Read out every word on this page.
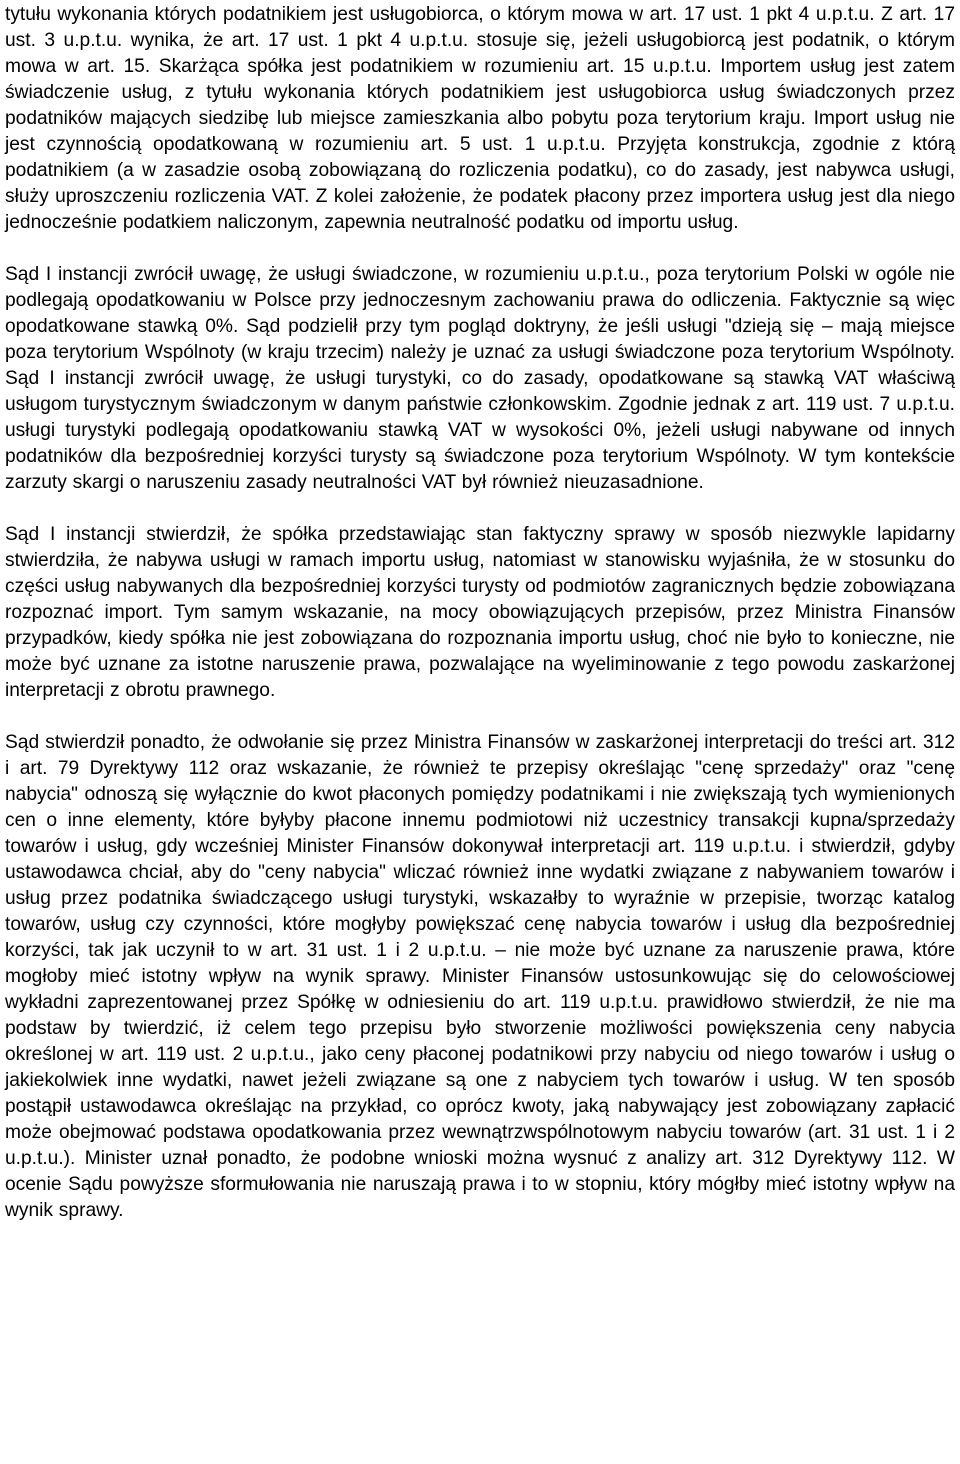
tytułu wykonania których podatnikiem jest usługobiorca, o którym mowa w art. 17 ust. 1 pkt 4 u.p.t.u. Z art. 17 ust. 3 u.p.t.u. wynika, że art. 17 ust. 1 pkt 4 u.p.t.u. stosuje się, jeżeli usługobiorcą jest podatnik, o którym mowa w art. 15. Skarżąca spółka jest podatnikiem w rozumieniu art. 15 u.p.t.u. Importem usług jest zatem świadczenie usług, z tytułu wykonania których podatnikiem jest usługobiorca usług świadczonych przez podatników mających siedzibę lub miejsce zamieszkania albo pobytu poza terytorium kraju. Import usług nie jest czynnością opodatkowaną w rozumieniu art. 5 ust. 1 u.p.t.u. Przyjęta konstrukcja, zgodnie z którą podatnikiem (a w zasadzie osobą zobowiązaną do rozliczenia podatku), co do zasady, jest nabywca usługi, służy uproszczeniu rozliczenia VAT. Z kolei założenie, że podatek płacony przez importera usług jest dla niego jednocześnie podatkiem naliczonym, zapewnia neutralność podatku od importu usług.

Sąd I instancji zwrócił uwagę, że usługi świadczone, w rozumieniu u.p.t.u., poza terytorium Polski w ogóle nie podlegają opodatkowaniu w Polsce przy jednoczesnym zachowaniu prawa do odliczenia. Faktycznie są więc opodatkowane stawką 0%. Sąd podzielił przy tym pogląd doktryny, że jeśli usługi "dzieją się – mają miejsce poza terytorium Wspólnoty (w kraju trzecim) należy je uznać za usługi świadczone poza terytorium Wspólnoty. Sąd I instancji zwrócił uwagę, że usługi turystyki, co do zasady, opodatkowane są stawką VAT właściwą usługom turystycznym świadczonym w danym państwie członkowskim. Zgodnie jednak z art. 119 ust. 7 u.p.t.u. usługi turystyki podlegają opodatkowaniu stawką VAT w wysokości 0%, jeżeli usługi nabywane od innych podatników dla bezpośredniej korzyści turysty są świadczone poza terytorium Wspólnoty. W tym kontekście zarzuty skargi o naruszeniu zasady neutralności VAT był również nieuzasadnione.

Sąd I instancji stwierdził, że spółka przedstawiając stan faktyczny sprawy w sposób niezwykle lapidarny stwierdziła, że nabywa usługi w ramach importu usług, natomiast w stanowisku wyjaśniła, że w stosunku do części usług nabywanych dla bezpośredniej korzyści turysty od podmiotów zagranicznych będzie zobowiązana rozpoznać import. Tym samym wskazanie, na mocy obowiązujących przepisów, przez Ministra Finansów przypadków, kiedy spółka nie jest zobowiązana do rozpoznania importu usług, choć nie było to konieczne, nie może być uznane za istotne naruszenie prawa, pozwalające na wyeliminowanie z tego powodu zaskarżonej interpretacji z obrotu prawnego.

Sąd stwierdził ponadto, że odwołanie się przez Ministra Finansów w zaskarżonej interpretacji do treści art. 312 i art. 79 Dyrektywy 112 oraz wskazanie, że również te przepisy określając "cenę sprzedaży" oraz "cenę nabycia" odnoszą się wyłącznie do kwot płaconych pomiędzy podatnikami i nie zwiększają tych wymienionych cen o inne elementy, które byłyby płacone innemu podmiotowi niż uczestnicy transakcji kupna/sprzedaży towarów i usług, gdy wcześniej Minister Finansów dokonywał interpretacji art. 119 u.p.t.u. i stwierdził, gdyby ustawodawca chciał, aby do "ceny nabycia" wliczać również inne wydatki związane z nabywaniem towarów i usług przez podatnika świadczącego usługi turystyki, wskazałby to wyraźnie w przepisie, tworząc katalog towarów, usług czy czynności, które mogłyby powiększać cenę nabycia towarów i usług dla bezpośredniej korzyści, tak jak uczynił to w art. 31 ust. 1 i 2 u.p.t.u. – nie może być uznane za naruszenie prawa, które mogłoby mieć istotny wpływ na wynik sprawy. Minister Finansów ustosunkowując się do celowościowej wykładni zaprezentowanej przez Spółkę w odniesieniu do art. 119 u.p.t.u. prawidłowo stwierdził, że nie ma podstaw by twierdzić, iż celem tego przepisu było stworzenie możliwości powiększenia ceny nabycia określonej w art. 119 ust. 2 u.p.t.u., jako ceny płaconej podatnikowi przy nabyciu od niego towarów i usług o jakiekolwiek inne wydatki, nawet jeżeli związane są one z nabyciem tych towarów i usług. W ten sposób postąpił ustawodawca określając na przykład, co oprócz kwoty, jaką nabywający jest zobowiązany zapłacić może obejmować podstawa opodatkowania przez wewnątrzwspólnotowym nabyciu towarów (art. 31 ust. 1 i 2 u.p.t.u.). Minister uznał ponadto, że podobne wnioski można wysnuć z analizy art. 312 Dyrektywy 112. W ocenie Sądu powyższe sformułowania nie naruszają prawa i to w stopniu, który mógłby mieć istotny wpływ na wynik sprawy.
